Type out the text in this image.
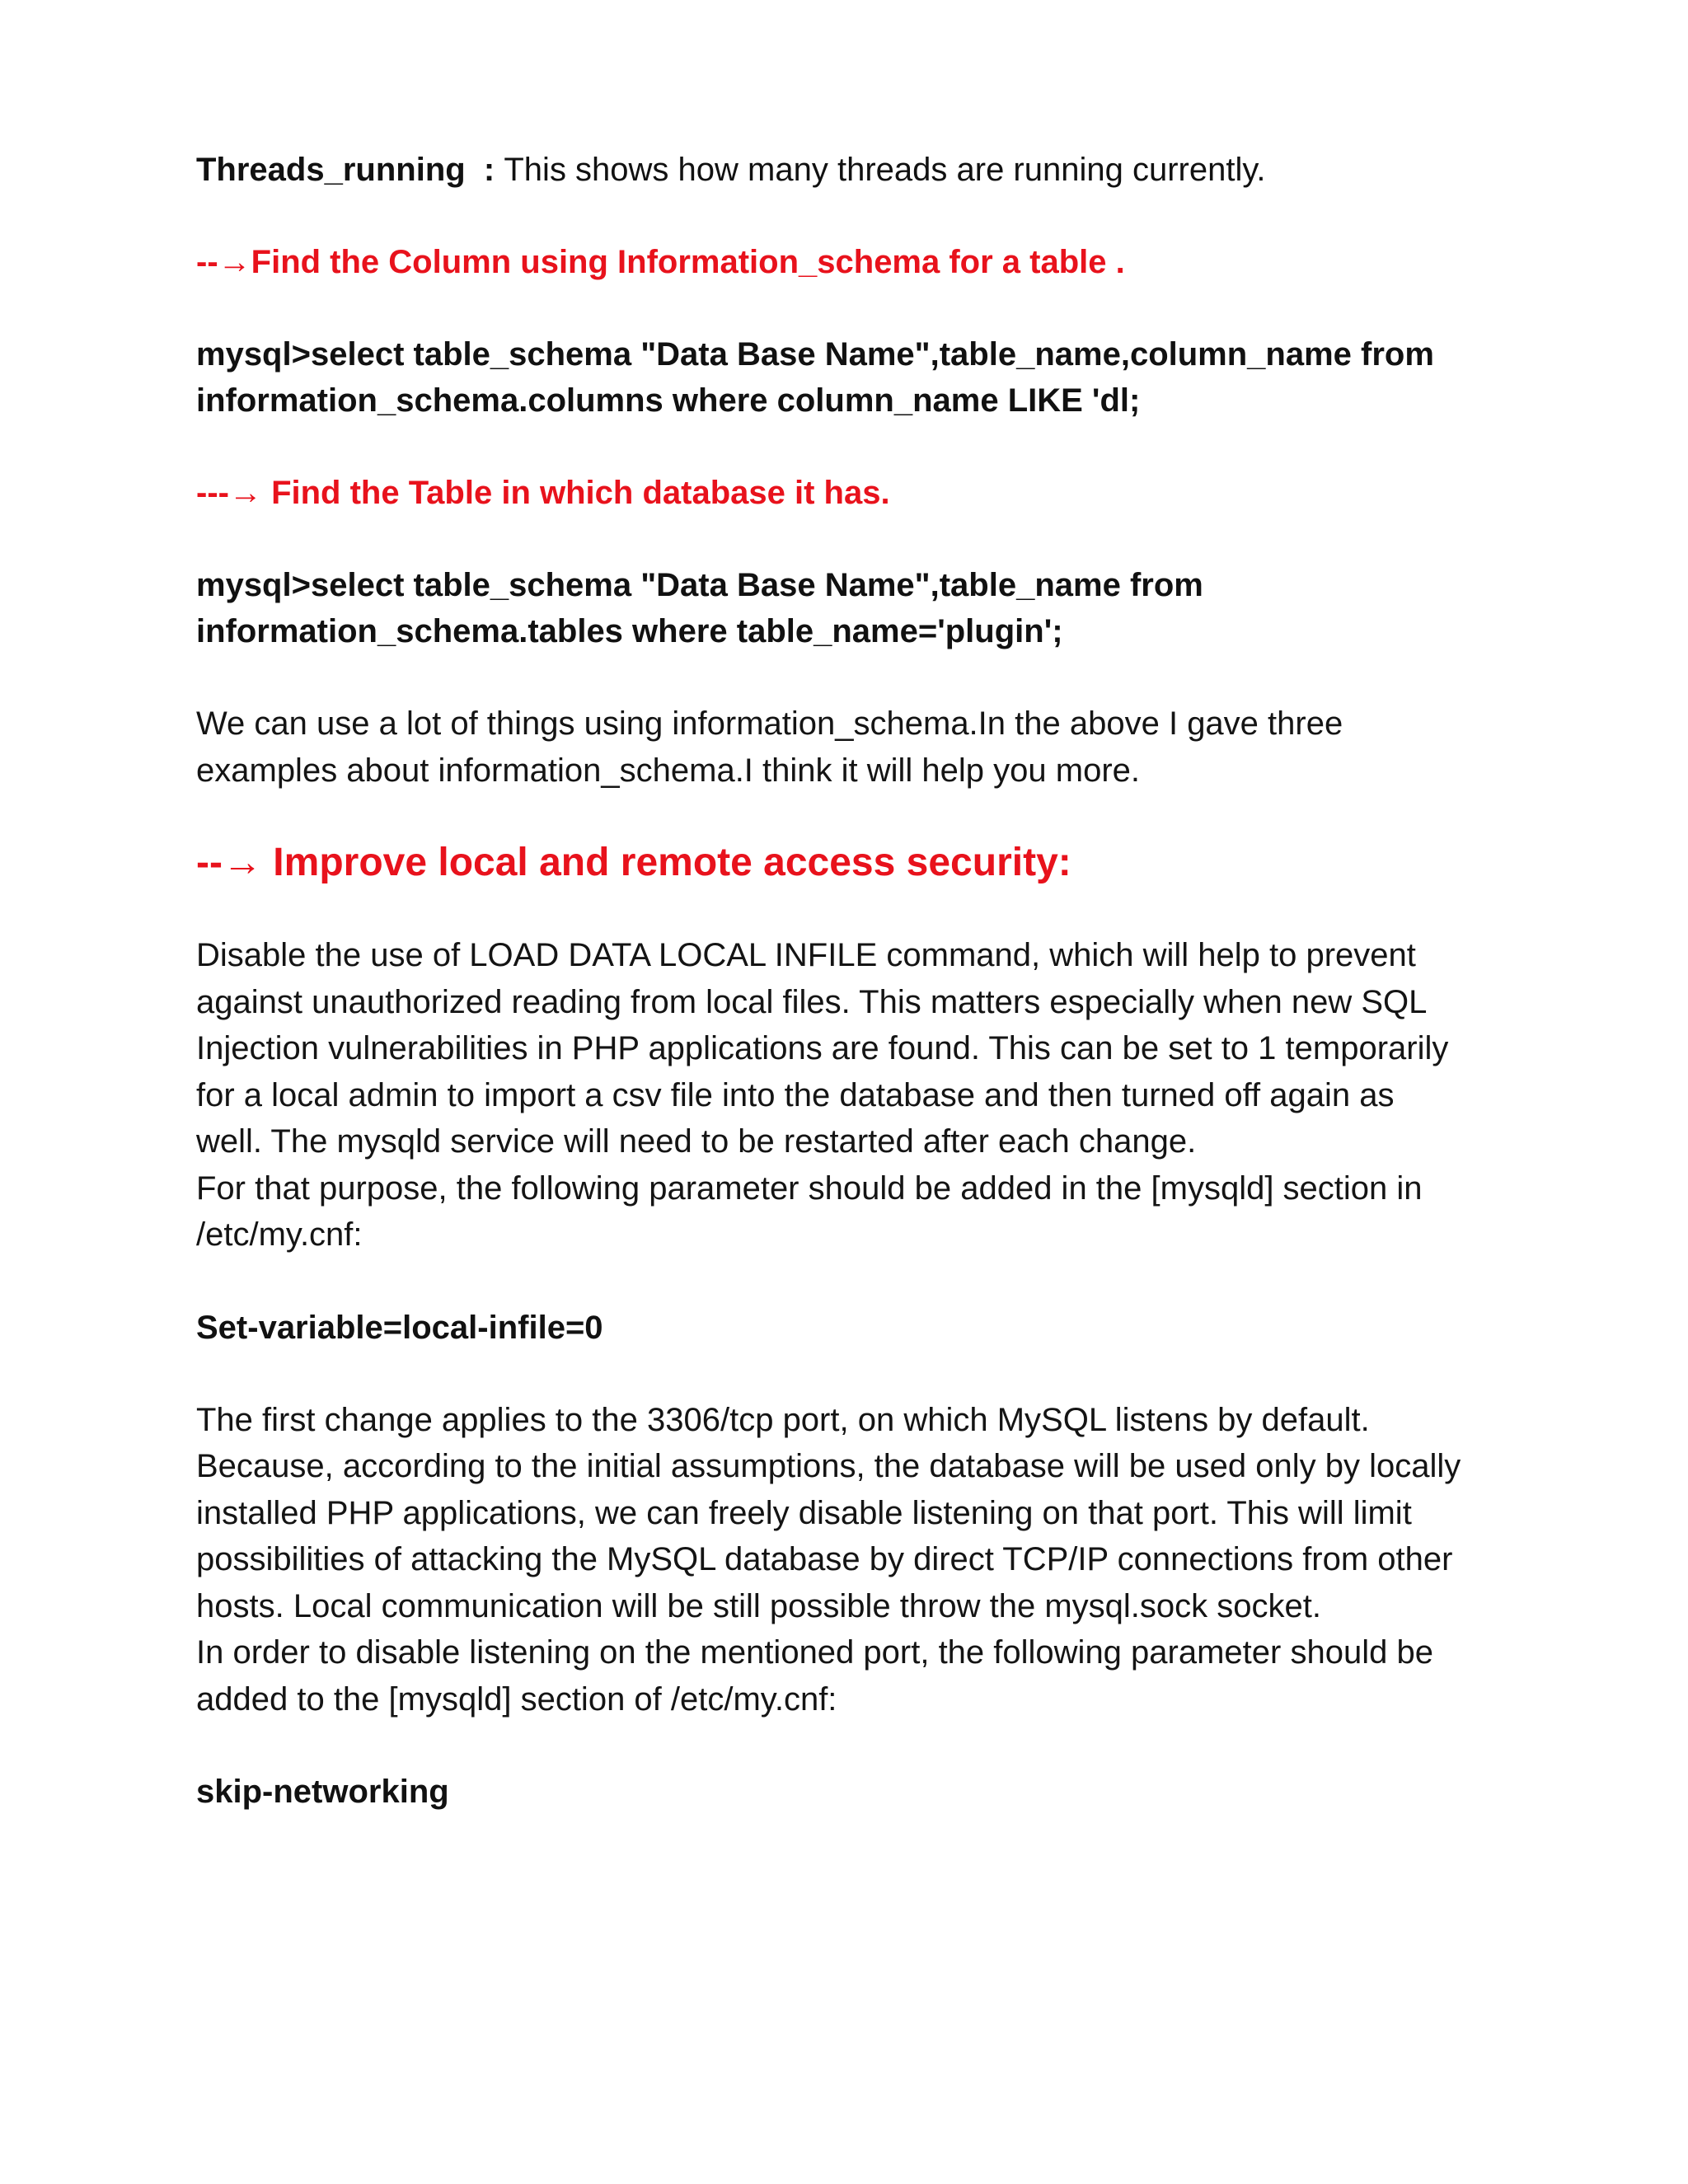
Threads_running  : This shows how many threads are running currently.

--→Find the Column using Information_schema for a table .

mysql>select table_schema "Data Base Name",table_name,column_name from
information_schema.columns where column_name LIKE 'dl;

---→ Find the Table in which database it has.

mysql>select table_schema "Data Base Name",table_name from
information_schema.tables where table_name='plugin';

We can use a lot of things using information_schema.In the above I gave three
examples about information_schema.I think it will help you more.

--→ Improve local and remote access security:

Disable the use of LOAD DATA LOCAL INFILE command, which will help to prevent
against unauthorized reading from local files. This matters especially when new SQL
Injection vulnerabilities in PHP applications are found. This can be set to 1 temporarily
for a local admin to import a csv file into the database and then turned off again as
well. The mysqld service will need to be restarted after each change.
For that purpose, the following parameter should be added in the [mysqld] section in
/etc/my.cnf:

Set-variable=local-infile=0

The first change applies to the 3306/tcp port, on which MySQL listens by default.
Because, according to the initial assumptions, the database will be used only by locally
installed PHP applications, we can freely disable listening on that port. This will limit
possibilities of attacking the MySQL database by direct TCP/IP connections from other
hosts. Local communication will be still possible throw the mysql.sock socket.
In order to disable listening on the mentioned port, the following parameter should be
added to the [mysqld] section of /etc/my.cnf:

skip-networking
